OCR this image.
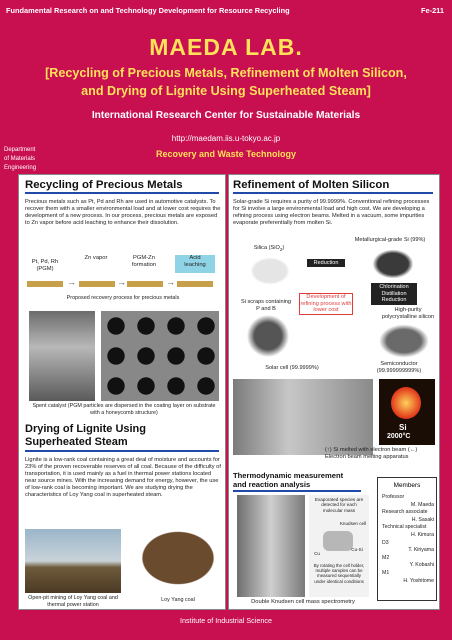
Fundamental Research on and Technology Development for Resource Recycling	Fe-211
MAEDA LAB.
[Recycling of Precious Metals, Refinement of Molten Silicon,
and Drying of Lignite Using Superheated Steam]
International Research Center for Sustainable Materials
http://maedam.iis.u-tokyo.ac.jp
Department
of Materials
Engineering
Recovery and Waste Technology
Recycling of Precious Metals
Precious metals such as Pt, Pd and Rh are used in automotive catalysts. To recover them with a smaller environmental load and at lower cost requires the development of a new process. In our process, precious metals are exposed to Zn vapor before acid leaching to enhance their dissolution.
Pt, Pd, Rh
(PGM)
Zn vapor	PGM-Zn
formation
Acid
leaching
→	→	→
Proposed recovery process for precious metals
Spent catalyst (PGM particles are dispersed in the coating layer on substrate with a honeycomb structure)
Drying of Lignite Using
Superheated Steam
Lignite is a low-rank coal containing a great deal of moisture and accounts for 23% of the proven recoverable reserves of all coal. Because of the difficulty of transportation, it is used mainly as a fuel in thermal power stations located near source mines. With the increasing demand for energy, however, the use of low-rank coal is becoming important. We are studying drying the characteristics of Loy Yang coal in superheated steam.
Open-pit mining of Loy Yang coal and thermal power station
Loy Yang coal
Refinement of Molten Silicon
Solar-grade Si requires a purity of 99.9999%. Conventional refining processes for Si involve a large environmental load and high cost. We are developing a refining process using electron beams. Melted in a vacuum, some impurities evaporate preferentially from molten Si.
Silica (SiO$_2$)
Metallurgical-grade Si (99%)
Reduction
Chlorination
Distillation
Reduction
Si scraps containing P and B
Development of refining process with lower cost	High-purity polycrystalline silicon
Solar cell (99.9999%)
Semiconductor (99.999999999%)
Si
2000°C
(↑) Si melted with electron beam (←) Electron beam melting apparatus
Thermodynamic measurement
and reaction analysis
Evaporated species are detected for each molecular mass
Knudsen cell
Cu
Cu-Si
By rotating the cell holder, multiple samples can be measured sequentially under identical conditions
Double Knudsen cell mass spectrometry
Members
Professor
M. Maeda
Research associate
H. Sasaki
Technical specialist
H. Kimura
D3
T. Kiriyama
M2
Y. Kobashi
M1
H. Yoshitome
Institute of Industrial Science
